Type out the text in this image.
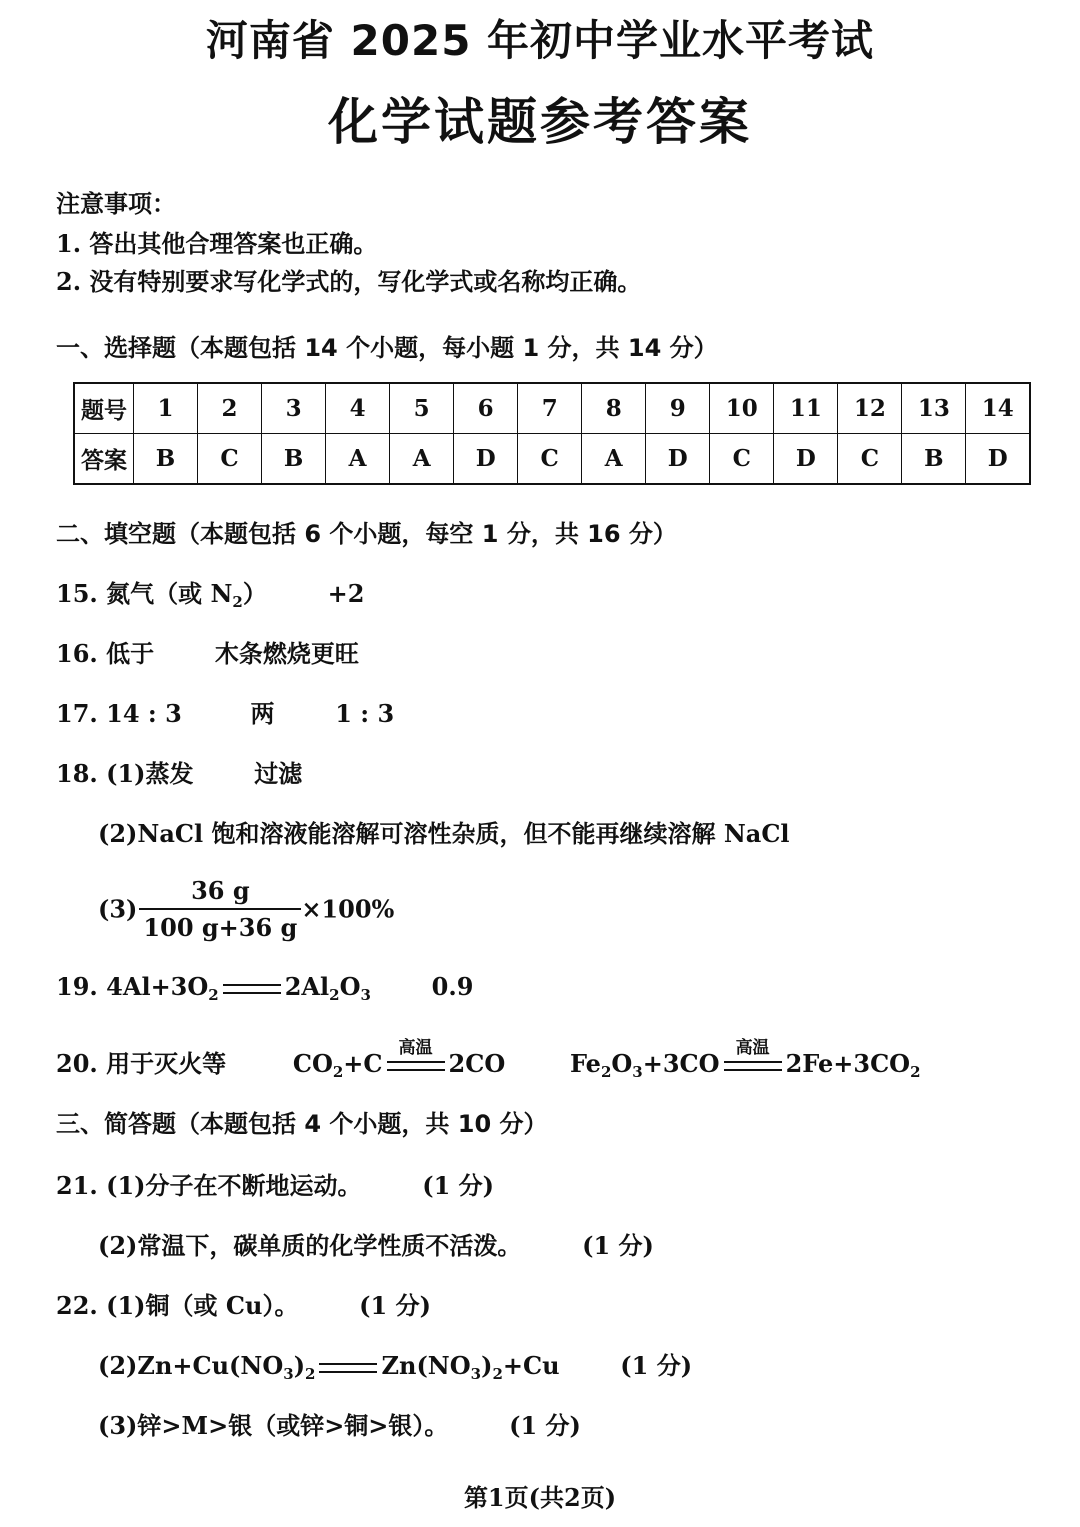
河南省 2025 年初中学业水平考试
化学试题参考答案
注意事项：
1. 答出其他合理答案也正确。
2. 没有特别要求写化学式的，写化学式或名称均正确。
一、选择题（本题包括 14 个小题，每小题 1 分，共 14 分）
题号	1	2	3	4	5	6	7	8	9	10	11	12	13	14
答案	B	C	B	A	A	D	C	A	D	C	D	C	B	D
二、填空题（本题包括 6 个小题，每空 1 分，共 16 分）
15. 氮气（或 $N_2$）	+2
16. 低于	木条燃烧更旺
17. 14 : 3	两	1 : 3
18. (1)蒸发	过滤
(2)NaCl 饱和溶液能溶解可溶性杂质，但不能再继续溶解 NaCl
$(3) \frac{36 g}{100 g+36 g} \times 100\%$
19. $4Al+3O_2$	$2Al_2O_3$	0.9
20. 用于灭火等	$CO_2+C$
高温
2CO	$Fe_2O_3+3CO$
高温
$2Fe+3CO_2$
三、简答题（本题包括 4 个小题，共 10 分）
21. (1)分子在不断地运动。	(1 分)
(2)常温下，碳单质的化学性质不活泼。	(1 分)
22. (1)铜（或 Cu）。	(1 分)
$(2)Zn+Cu(NO_3)_2$	$Zn(NO_3)_2+Cu$	(1 分)
(3)锌>M>银（或锌>铜>银）。	(1 分)
第1页(共2页)
